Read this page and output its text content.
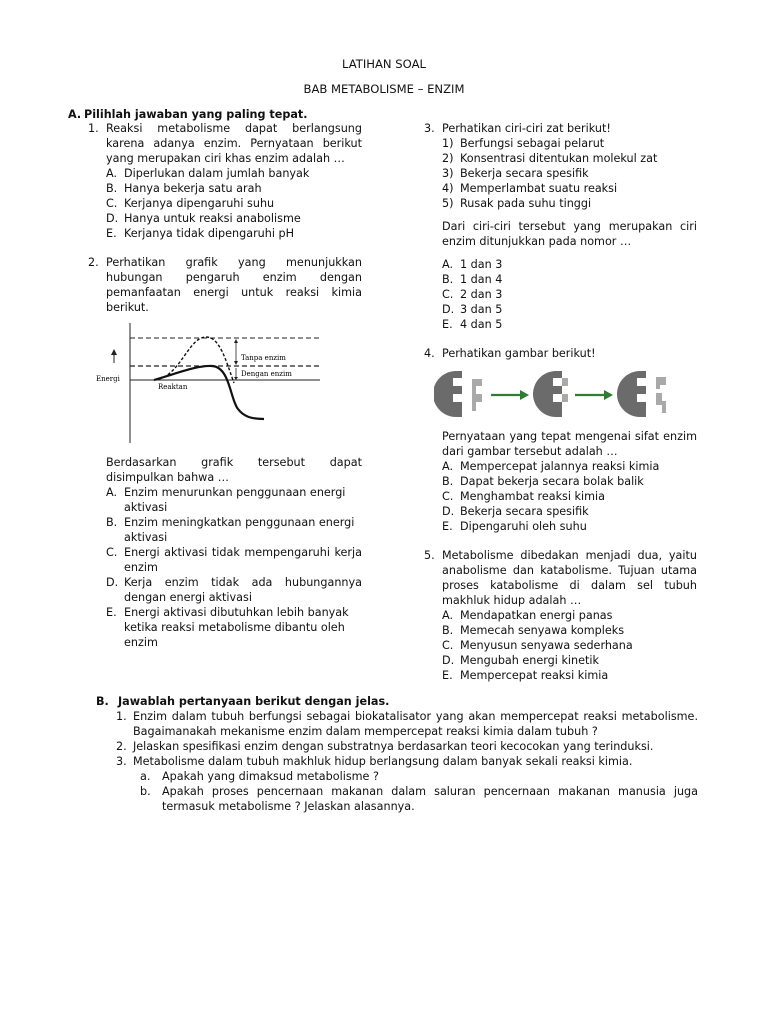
LATIHAN SOAL
BAB METABOLISME – ENZIM
A. Pilihlah jawaban yang paling tepat.
1. Reaksi metabolisme dapat berlangsung karena adanya enzim. Pernyataan berikut yang merupakan ciri khas enzim adalah …
A. Diperlukan dalam jumlah banyak
B. Hanya bekerja satu arah
C. Kerjanya dipengaruhi suhu
D. Hanya untuk reaksi anabolisme
E. Kerjanya tidak dipengaruhi pH
2. Perhatikan grafik yang menunjukkan hubungan pengaruh enzim dengan pemanfaatan energi untuk reaksi kimia berikut.
Energi
Tanpa enzim
Dengan enzim
Reaktan
Berdasarkan grafik tersebut dapat disimpulkan bahwa …
A. Enzim menurunkan penggunaan energi aktivasi
B. Enzim meningkatkan penggunaan energi aktivasi
C. Energi aktivasi tidak mempengaruhi kerja enzim
D. Kerja enzim tidak ada hubungannya dengan energi aktivasi
E. Energi aktivasi dibutuhkan lebih banyak ketika reaksi metabolisme dibantu oleh enzim
3. Perhatikan ciri-ciri zat berikut!
1) Berfungsi sebagai pelarut
2) Konsentrasi ditentukan molekul zat
3) Bekerja secara spesifik
4) Memperlambat suatu reaksi
5) Rusak pada suhu tinggi
Dari ciri-ciri tersebut yang merupakan ciri enzim ditunjukkan pada nomor …
A. 1 dan 3
B. 1 dan 4
C. 2 dan 3
D. 3 dan 5
E. 4 dan 5
4. Perhatikan gambar berikut!
Pernyataan yang tepat mengenai sifat enzim dari gambar tersebut adalah …
A. Mempercepat jalannya reaksi kimia
B. Dapat bekerja secara bolak balik
C. Menghambat reaksi kimia
D. Bekerja secara spesifik
E. Dipengaruhi oleh suhu
5. Metabolisme dibedakan menjadi dua, yaitu anabolisme dan katabolisme. Tujuan utama proses katabolisme di dalam sel tubuh makhluk hidup adalah …
A. Mendapatkan energi panas
B. Memecah senyawa kompleks
C. Menyusun senyawa sederhana
D. Mengubah energi kinetik
E. Mempercepat reaksi kimia
B. Jawablah pertanyaan berikut dengan jelas.
1. Enzim dalam tubuh berfungsi sebagai biokatalisator yang akan mempercepat reaksi metabolisme. Bagaimanakah mekanisme enzim dalam mempercepat reaksi kimia dalam tubuh ?
2. Jelaskan spesifikasi enzim dengan substratnya berdasarkan teori kecocokan yang terinduksi.
3. Metabolisme dalam tubuh makhluk hidup berlangsung dalam banyak sekali reaksi kimia.
a. Apakah yang dimaksud metabolisme ?
b. Apakah proses pencernaan makanan dalam saluran pencernaan makanan manusia juga termasuk metabolisme ? Jelaskan alasannya.
